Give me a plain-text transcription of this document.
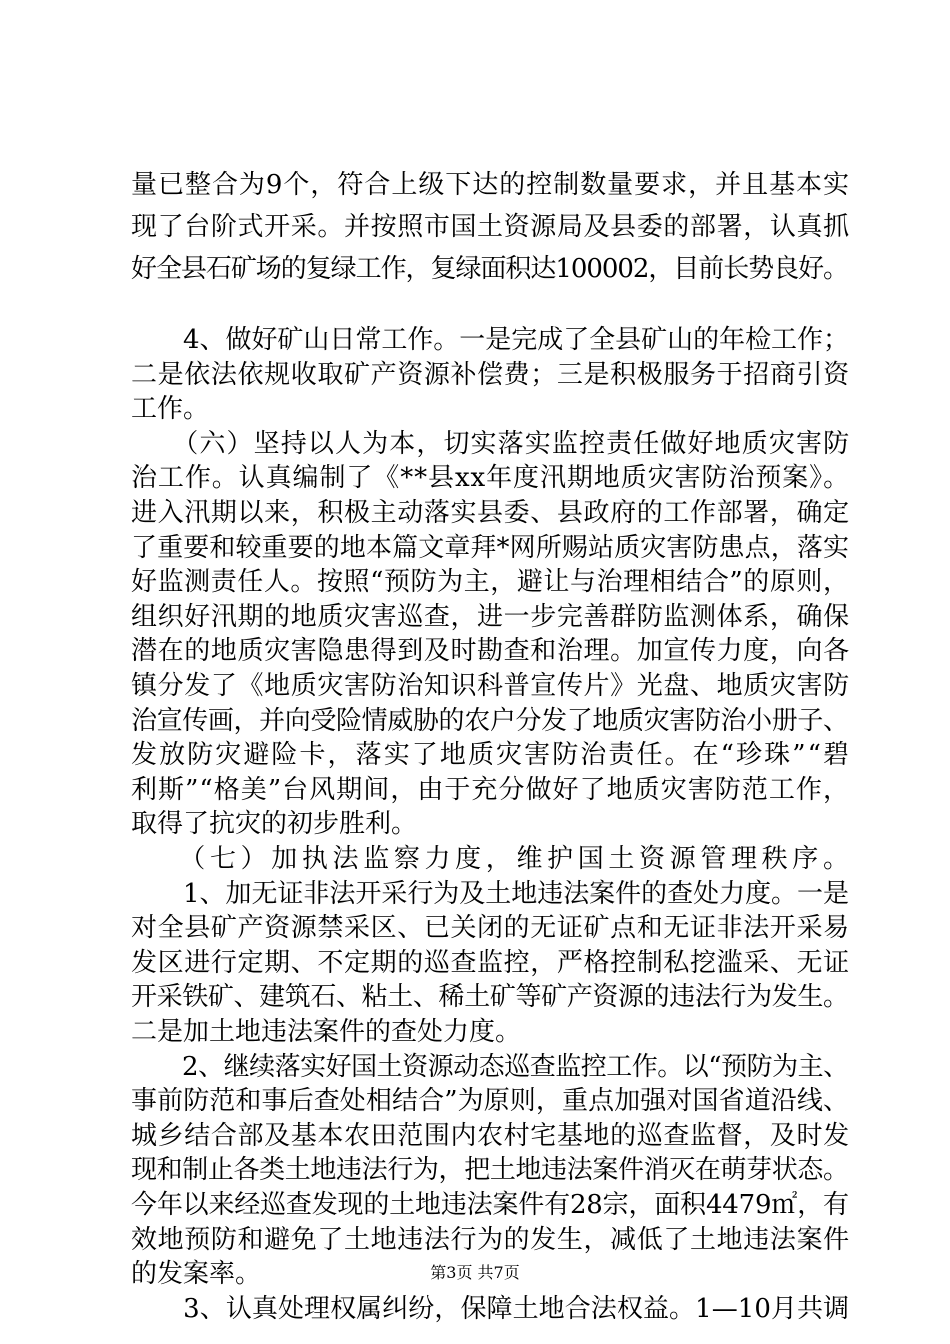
量已整合为9个，符合上级下达的控制数量要求，并且基本实
现了台阶式开采。并按照市国土资源局及县委的部署，认真抓
好全县石矿场的复绿工作，复绿面积达100002，目前长势良好。
　　4、做好矿山日常工作。一是完成了全县矿山的年检工作；
二是依法依规收取矿产资源补偿费；三是积极服务于招商引资
工作。
　　（六）坚持以人为本，切实落实监控责任做好地质灾害防
治工作。认真编制了《**县xx年度汛期地质灾害防治预案》。
进入汛期以来，积极主动落实县委、县政府的工作部署，确定
了重要和较重要的地本篇文章拜*网所赐站质灾害防患点，落实
好监测责任人。按照“预防为主，避让与治理相结合”的原则，
组织好汛期的地质灾害巡查，进一步完善群防监测体系，确保
潜在的地质灾害隐患得到及时勘查和治理。加宣传力度，向各
镇分发了《地质灾害防治知识科普宣传片》光盘、地质灾害防
治宣传画，并向受险情威胁的农户分发了地质灾害防治小册子、
发放防灾避险卡，落实了地质灾害防治责任。在“珍珠”“碧
利斯”“格美”台风期间，由于充分做好了地质灾害防范工作，
取得了抗灾的初步胜利。
　　（七）加执法监察力度，维护国土资源管理秩序。
　　1、加无证非法开采行为及土地违法案件的查处力度。一是
对全县矿产资源禁采区、已关闭的无证矿点和无证非法开采易
发区进行定期、不定期的巡查监控，严格控制私挖滥采、无证
开采铁矿、建筑石、粘土、稀土矿等矿产资源的违法行为发生。
二是加土地违法案件的查处力度。
　　2、继续落实好国土资源动态巡查监控工作。以“预防为主、
事前防范和事后查处相结合”为原则，重点加强对国省道沿线、
城乡结合部及基本农田范围内农村宅基地的巡查监督，及时发
现和制止各类土地违法行为，把土地违法案件消灭在萌芽状态。
今年以来经巡查发现的土地违法案件有28宗，面积4479㎡，有
效地预防和避免了土地违法行为的发生，减低了土地违法案件
的发案率。
　　3、认真处理权属纠纷，保障土地合法权益。1—10月共调
第3页 共7页
